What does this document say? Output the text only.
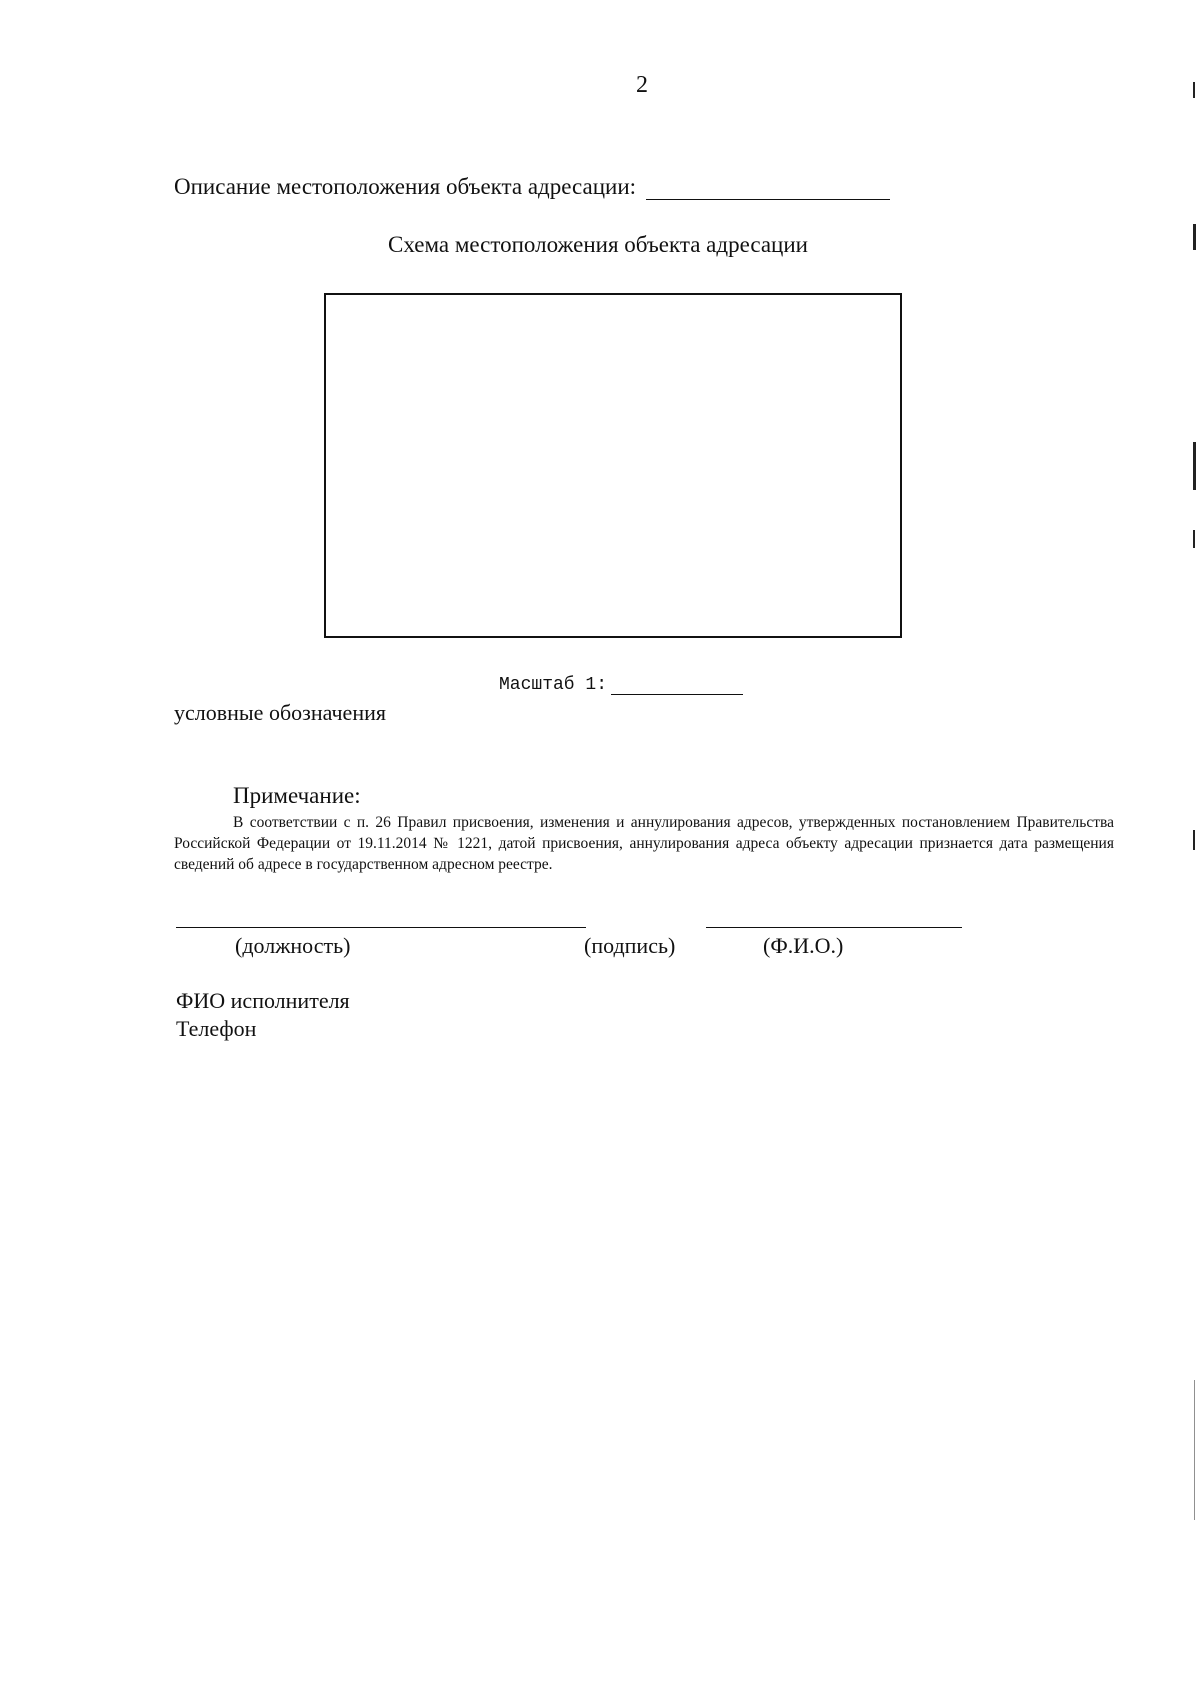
2
Описание местоположения объекта адресации:
Схема местоположения объекта адресации
Масштаб 1:
условные обозначения
Примечание:
В соответствии с п. 26 Правил присвоения, изменения и аннулирования адресов, утвержденных постановлением Правительства Российской Федерации от 19.11.2014 № 1221, датой присвоения, аннулирования адреса объекту адресации признается дата размещения сведений об адресе в государственном адресном реестре.
(должность)	(подпись)	(Ф.И.О.)
ФИО исполнителя
Телефон
